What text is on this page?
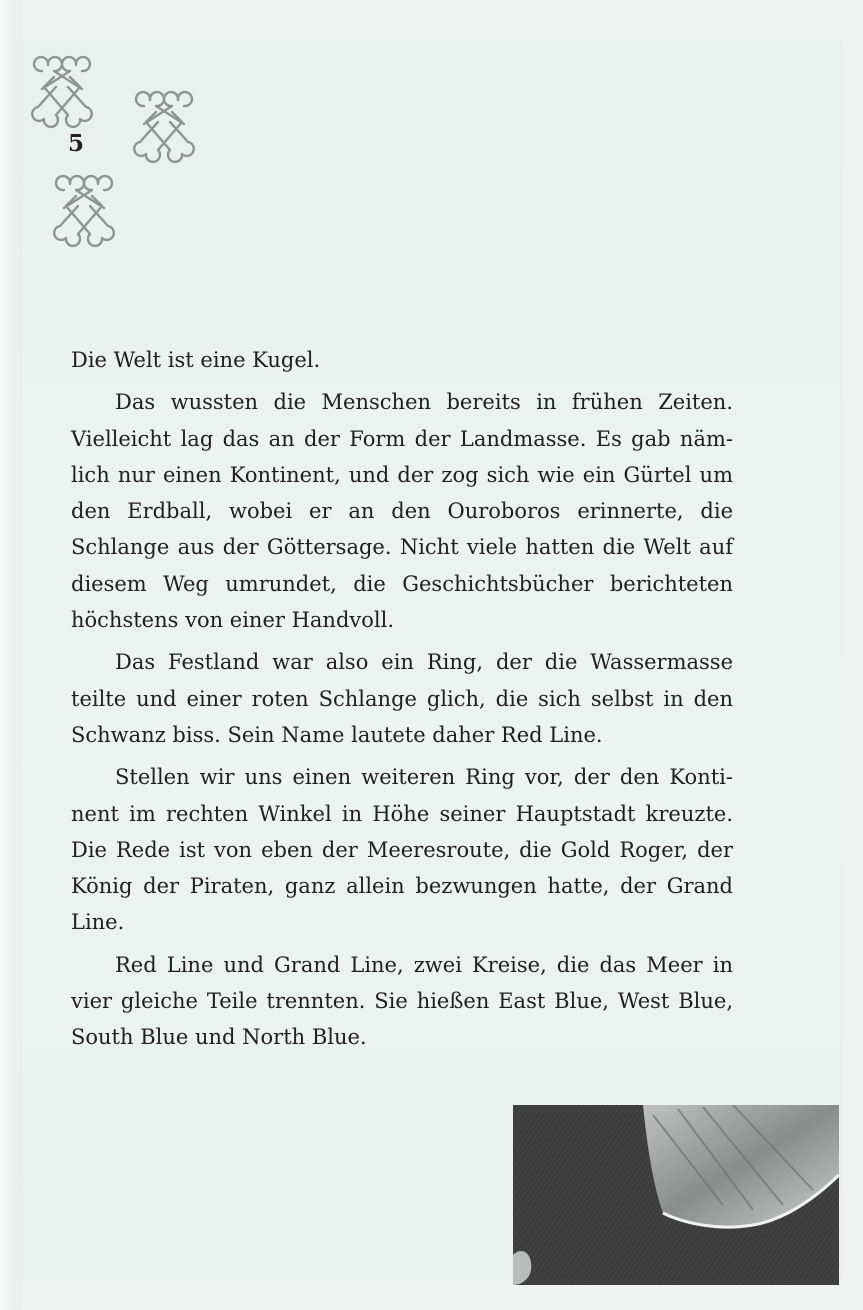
5

Die Welt ist eine Kugel.

Das wussten die Menschen bereits in frühen Zeiten. Vielleicht lag das an der Form der Landmasse. Es gab nämlich nur einen Kontinent, und der zog sich wie ein Gürtel um den Erdball, wobei er an den Ouroboros erinnerte, die Schlange aus der Göttersage. Nicht viele hatten die Welt auf diesem Weg umrundet, die Geschichtsbücher berichteten höchstens von einer Handvoll.

Das Festland war also ein Ring, der die Wassermasse teilte und einer roten Schlange glich, die sich selbst in den Schwanz biss. Sein Name lautete daher Red Line.

Stellen wir uns einen weiteren Ring vor, der den Kontinent im rechten Winkel in Höhe seiner Hauptstadt kreuzte. Die Rede ist von eben der Meeresroute, die Gold Roger, der König der Piraten, ganz allein bezwungen hatte, der Grand Line.

Red Line und Grand Line, zwei Kreise, die das Meer in vier gleiche Teile trennten. Sie hießen East Blue, West Blue, South Blue und North Blue.
